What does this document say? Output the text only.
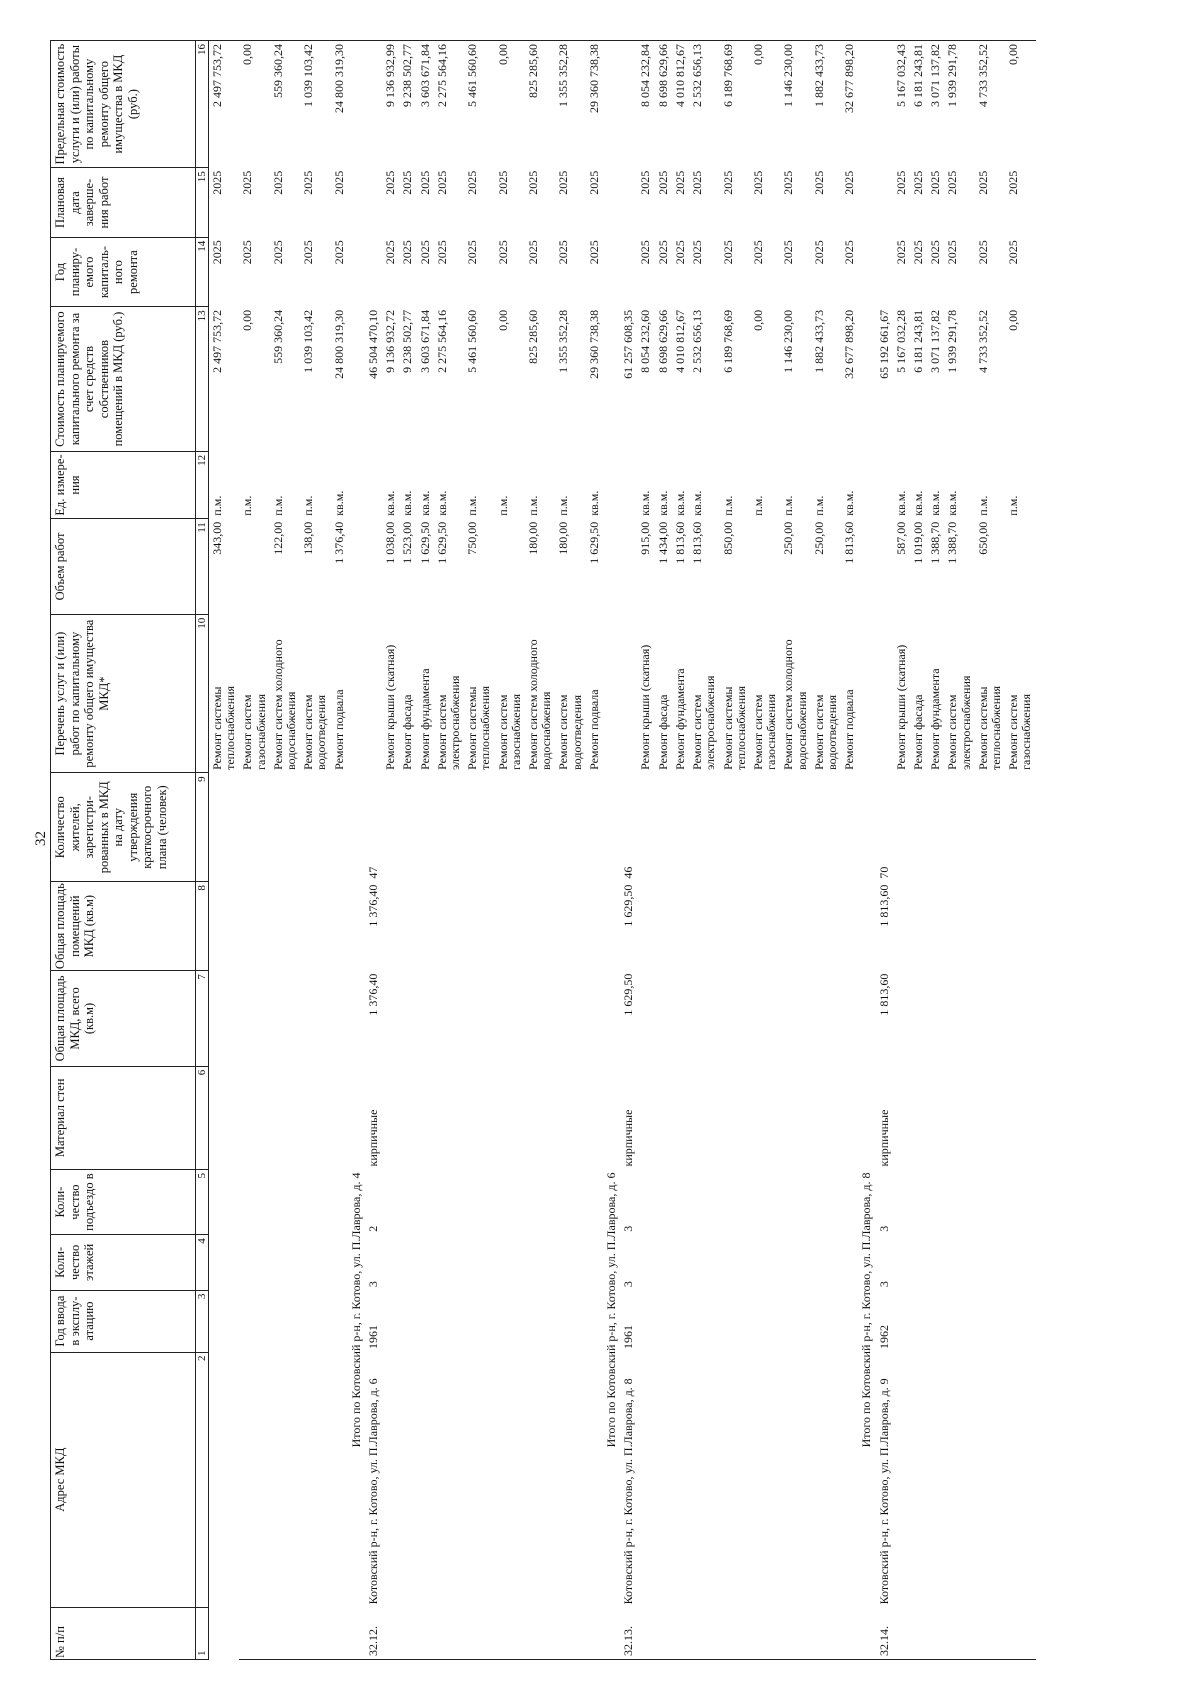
32
№ п/п	Адрес МКД	Год ввода в эксплу-атацию	Коли-чество этажей	Коли-чество подъездо в	Материал стен	Общая площадь МКД, всего (кв.м)	Общая площадь помещений МКД (кв.м)	Количество жителей, зарегистри-рованных в МКД на дату утверждения краткосрочного плана (человек)	Перечень услуг и (или) работ по капитальному ремонту общего имущества МКД*	Объем работ	Ед. измере-ния	Стоимость планируемого капитального ремонта за счет средств собственников помещений в МКД (руб.)	Год планиру-емого капиталь-ного ремонта	Плановая дата заверше-ния работ	Предельная стоимость услуги и (или) работы по капитальному ремонту общего имущества в МКД (руб.)
1	2	3	4	5	6	7	8	9	10	11	12	13	14	15	16
									Ремонт системы теплоснабжения	343,00	п.м.	2 497 753,72	2025	2025	2 497 753,72
									Ремонт систем газоснабжения		п.м.	0,00	2025	2025	0,00
									Ремонт систем холодного водоснабжения	122,00	п.м.	559 360,24	2025	2025	559 360,24
									Ремонт систем водоотведения	138,00	п.м.	1 039 103,42	2025	2025	1 039 103,42
									Ремонт подвала	1 376,40	кв.м.	24 800 319,30	2025	2025	24 800 319,30
	Итого по Котовский р-н, г. Котово, ул. П.Лаврова, д. 4														
32.12.	Котовский р-н, г. Котово, ул. П.Лаврова, д. 6	1961	3	2	кирпичные	1 376,40	1 376,40	47				46 504 470,10			
									Ремонт крыши (скатная)	1 038,00	кв.м.	9 136 932,72	2025	2025	9 136 932,99
									Ремонт фасада	1 523,00	кв.м.	9 238 502,77	2025	2025	9 238 502,77
									Ремонт фундамента	1 629,50	кв.м.	3 603 671,84	2025	2025	3 603 671,84
									Ремонт систем электроснабжения	1 629,50	кв.м.	2 275 564,16	2025	2025	2 275 564,16
									Ремонт системы теплоснабжения	750,00	п.м.	5 461 560,60	2025	2025	5 461 560,60
									Ремонт систем газоснабжения		п.м.	0,00	2025	2025	0,00
									Ремонт систем холодного водоснабжения	180,00	п.м.	825 285,60	2025	2025	825 285,60
									Ремонт систем водоотведения	180,00	п.м.	1 355 352,28	2025	2025	1 355 352,28
									Ремонт подвала	1 629,50	кв.м.	29 360 738,38	2025	2025	29 360 738,38
	Итого по Котовский р-н, г. Котово, ул. П.Лаврова, д. 6														
32.13.	Котовский р-н, г. Котово, ул. П.Лаврова, д. 8	1961	3	3	кирпичные	1 629,50	1 629,50	46				61 257 608,35			
									Ремонт крыши (скатная)	915,00	кв.м.	8 054 232,60	2025	2025	8 054 232,84
									Ремонт фасада	1 434,00	кв.м.	8 698 629,66	2025	2025	8 698 629,66
									Ремонт фундамента	1 813,60	кв.м.	4 010 812,67	2025	2025	4 010 812,67
									Ремонт систем электроснабжения	1 813,60	кв.м.	2 532 656,13	2025	2025	2 532 656,13
									Ремонт системы теплоснабжения	850,00	п.м.	6 189 768,69	2025	2025	6 189 768,69
									Ремонт систем газоснабжения		п.м.	0,00	2025	2025	0,00
									Ремонт систем холодного водоснабжения	250,00	п.м.	1 146 230,00	2025	2025	1 146 230,00
									Ремонт систем водоотведения	250,00	п.м.	1 882 433,73	2025	2025	1 882 433,73
									Ремонт подвала	1 813,60	кв.м.	32 677 898,20	2025	2025	32 677 898,20
	Итого по Котовский р-н, г. Котово, ул. П.Лаврова, д. 8														
32.14.	Котовский р-н, г. Котово, ул. П.Лаврова, д. 9	1962	3	3	кирпичные	1 813,60	1 813,60	70				65 192 661,67			
									Ремонт крыши (скатная)	587,00	кв.м.	5 167 032,28	2025	2025	5 167 032,43
									Ремонт фасада	1 019,00	кв.м.	6 181 243,81	2025	2025	6 181 243,81
									Ремонт фундамента	1 388,70	кв.м.	3 071 137,82	2025	2025	3 071 137,82
									Ремонт систем электроснабжения	1 388,70	кв.м.	1 939 291,78	2025	2025	1 939 291,78
									Ремонт системы теплоснабжения	650,00	п.м.	4 733 352,52	2025	2025	4 733 352,52
									Ремонт систем газоснабжения		п.м.	0,00	2025	2025	0,00
